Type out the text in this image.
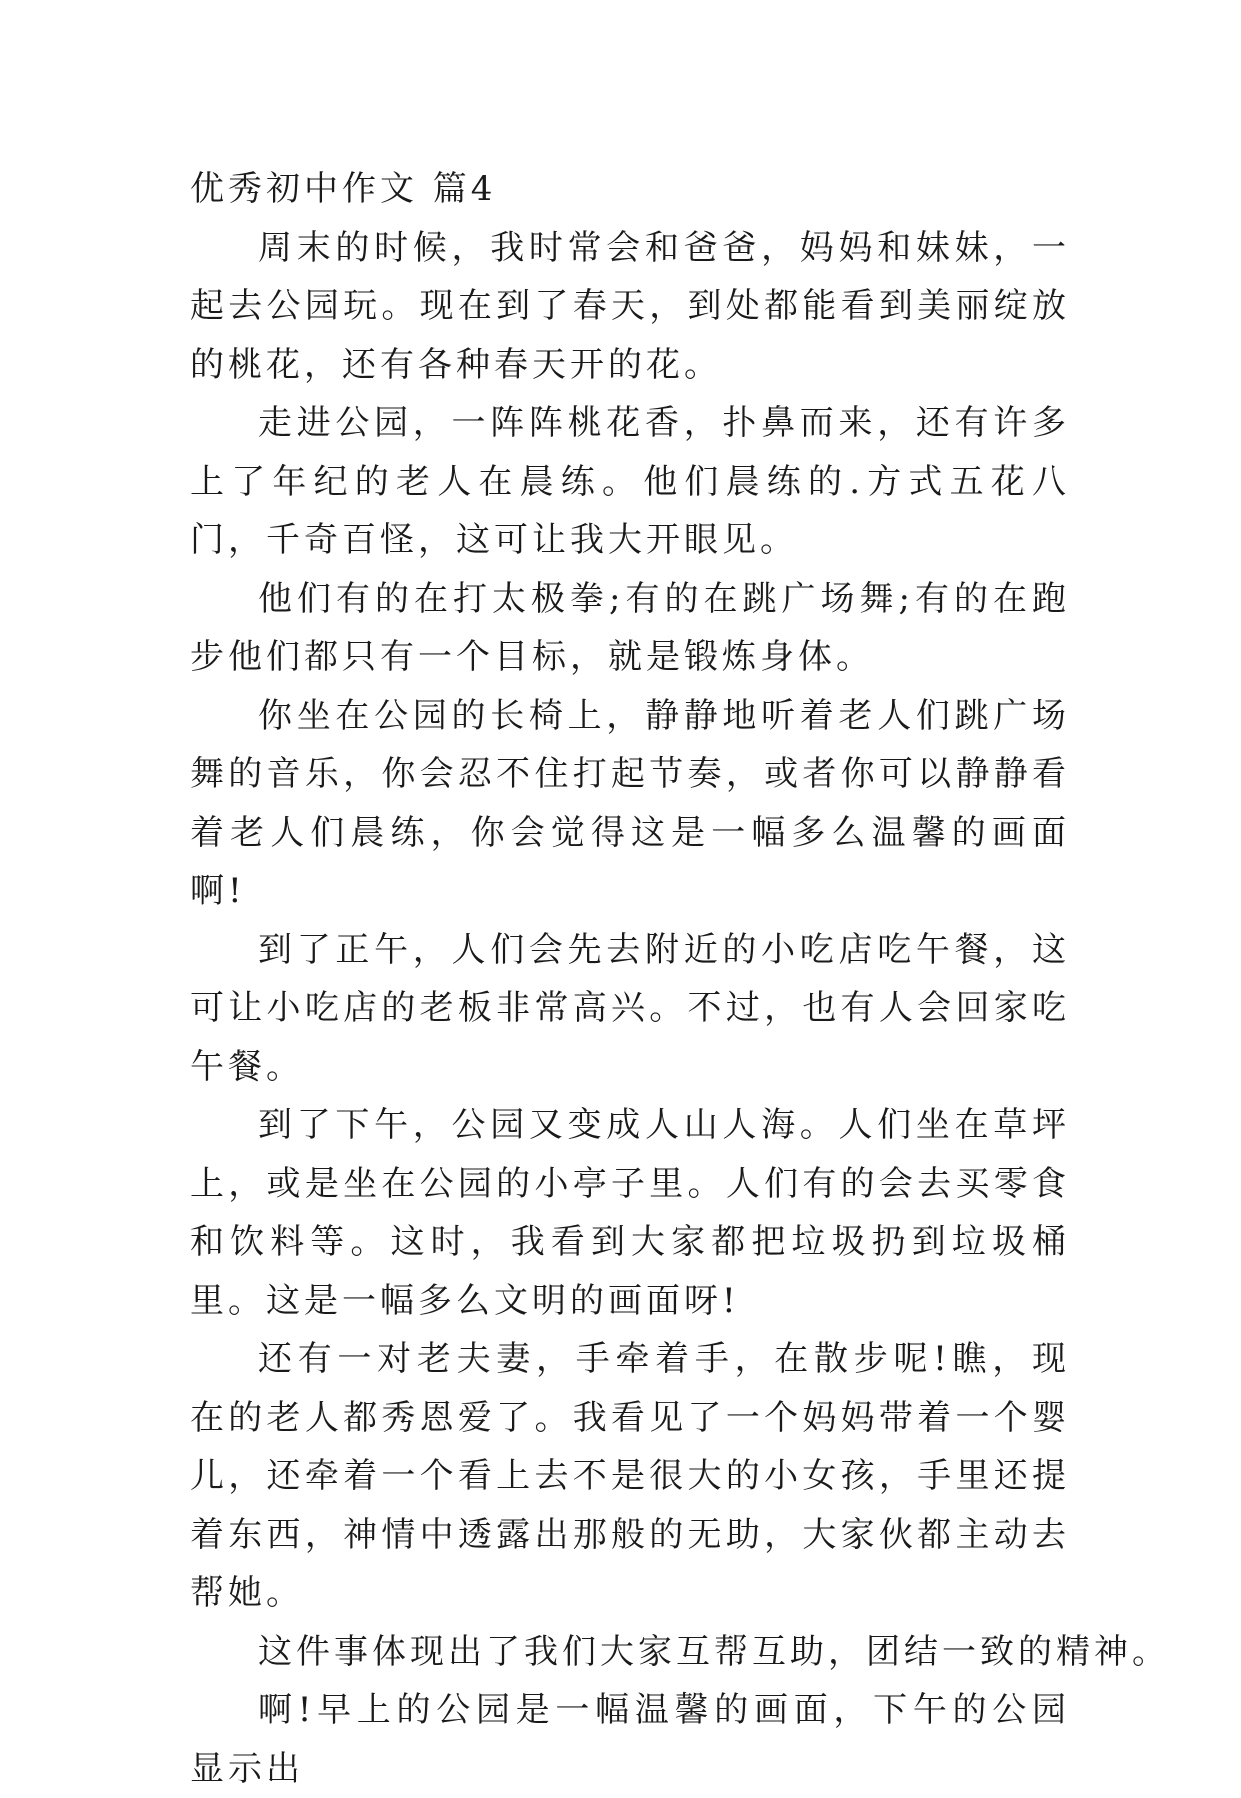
优秀初中作文 篇4

周末的时候，我时常会和爸爸，妈妈和妹妹，一起去公园玩。现在到了春天，到处都能看到美丽绽放的桃花，还有各种春天开的花。

走进公园，一阵阵桃花香，扑鼻而来，还有许多上了年纪的老人在晨练。他们晨练的.方式五花八门，千奇百怪，这可让我大开眼见。

他们有的在打太极拳;有的在跳广场舞;有的在跑步他们都只有一个目标，就是锻炼身体。

你坐在公园的长椅上，静静地听着老人们跳广场舞的音乐，你会忍不住打起节奏，或者你可以静静看着老人们晨练，你会觉得这是一幅多么温馨的画面啊!

到了正午，人们会先去附近的小吃店吃午餐，这可让小吃店的老板非常高兴。不过，也有人会回家吃午餐。

到了下午，公园又变成人山人海。人们坐在草坪上，或是坐在公园的小亭子里。人们有的会去买零食和饮料等。这时，我看到大家都把垃圾扔到垃圾桶里。这是一幅多么文明的画面呀!

还有一对老夫妻，手牵着手，在散步呢!瞧，现在的老人都秀恩爱了。我看见了一个妈妈带着一个婴儿，还牵着一个看上去不是很大的小女孩，手里还提着东西，神情中透露出那般的无助，大家伙都主动去帮她。

这件事体现出了我们大家互帮互助，团结一致的精神。

啊!早上的公园是一幅温馨的画面，下午的公园显示出
